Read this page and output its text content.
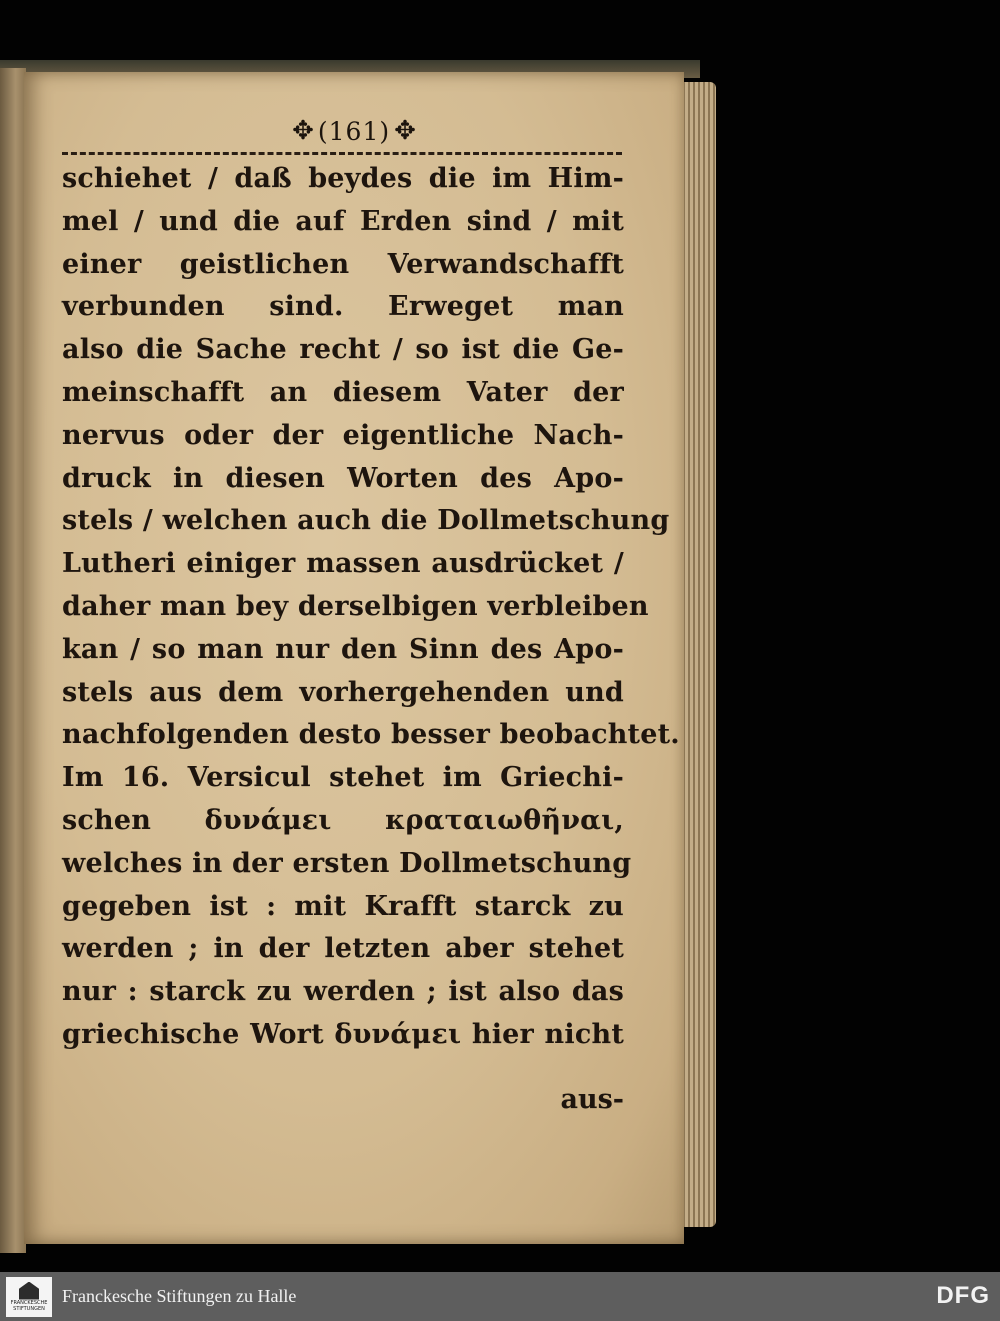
✥ (161) ✥
schiehet / daß beydes die im Him-
mel / und die auf Erden sind / mit
einer geistlichen Verwandschafft
verbunden sind. Erweget man
also die Sache recht / so ist die Ge-
meinschafft an diesem Vater der
nervus oder der eigentliche Nach-
druck in diesen Worten des Apo-
stels / welchen auch die Dollmetschung
Lutheri einiger massen ausdrücket /
daher man bey derselbigen verbleiben
kan / so man nur den Sinn des Apo-
stels aus dem vorhergehenden und
nachfolgenden desto besser beobachtet.
Im 16. Versicul stehet im Griechi-
schen δυνάμει κραταιωθῆναι,
welches in der ersten Dollmetschung
gegeben ist : mit Krafft starck zu
werden ; in der letzten aber stehet
nur : starck zu werden ; ist also das
griechische Wort δυνάμει hier nicht
aus-
FRANCKESCHE
STIFTUNGEN
Franckesche Stiftungen zu Halle	DFG
